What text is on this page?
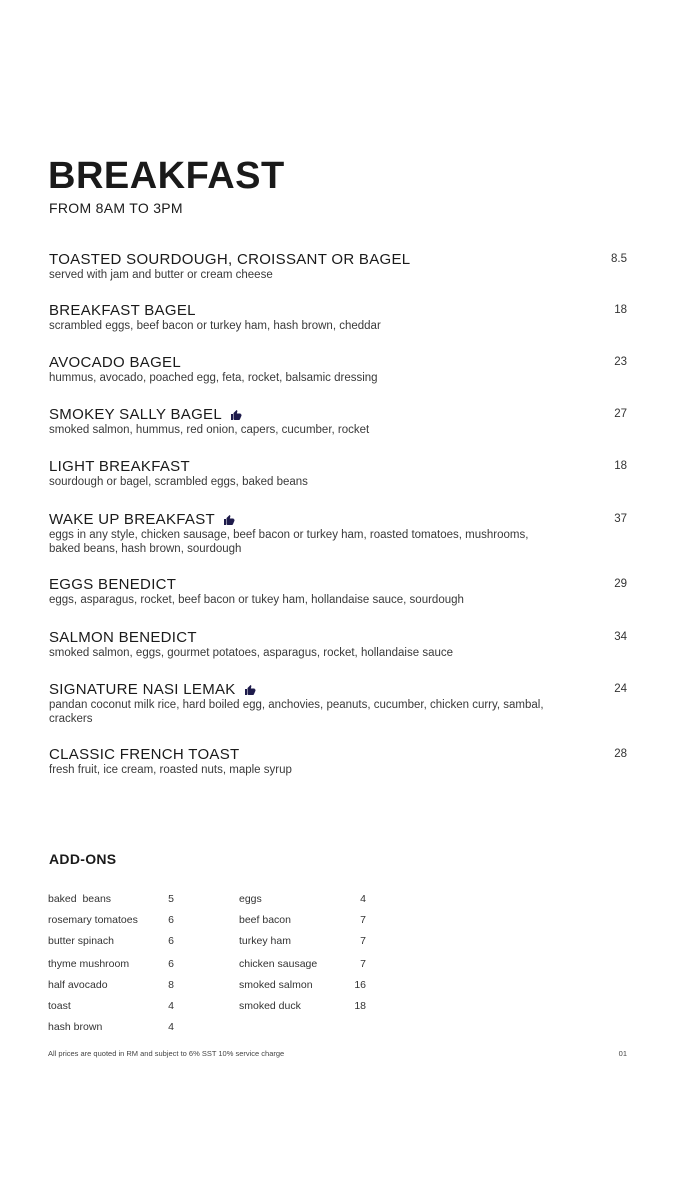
BREAKFAST
FROM 8AM TO 3PM
TOASTED SOURDOUGH, CROISSANT OR BAGEL
served with jam and butter or cream cheese
8.5
BREAKFAST BAGEL
scrambled eggs, beef bacon or turkey ham, hash brown, cheddar
18
AVOCADO BAGEL
hummus, avocado, poached egg, feta, rocket, balsamic dressing
23
SMOKEY SALLY BAGEL
smoked salmon, hummus, red onion, capers, cucumber, rocket
27
LIGHT BREAKFAST
sourdough or bagel, scrambled eggs, baked beans
18
WAKE UP BREAKFAST
eggs in any style, chicken sausage, beef bacon or turkey ham, roasted tomatoes, mushrooms, baked beans, hash brown, sourdough
37
EGGS BENEDICT
eggs, asparagus, rocket, beef bacon or tukey ham, hollandaise sauce, sourdough
29
SALMON BENEDICT
smoked salmon, eggs, gourmet potatoes, asparagus, rocket, hollandaise sauce
34
SIGNATURE NASI LEMAK
pandan coconut milk rice, hard boiled egg, anchovies, peanuts, cucumber, chicken curry, sambal, crackers
24
CLASSIC FRENCH TOAST
fresh fruit, ice cream, roasted nuts, maple syrup
28
ADD-ONS
baked  beans	5
rosemary tomatoes	6
butter spinach	6
thyme mushroom	6
half avocado	8
toast	4
hash brown	4
eggs	4
beef bacon	7
turkey ham	7
chicken sausage	7
smoked salmon	16
smoked duck	18
All prices are quoted in RM and subject to 6% SST 10% service charge	01
